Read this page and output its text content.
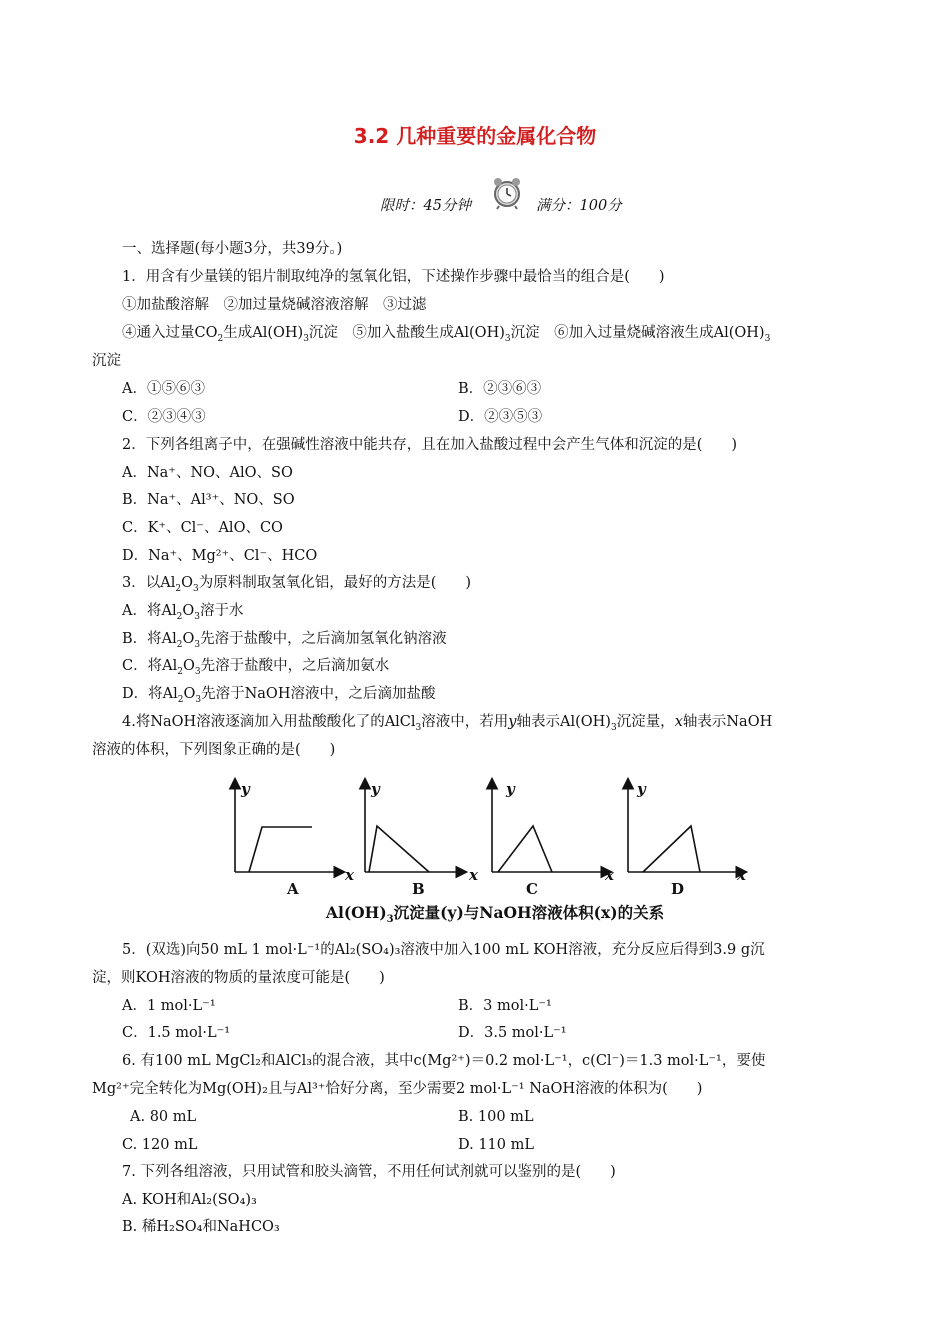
3.2 几种重要的金属化合物
限时：45分钟	满分：100分
一、选择题(每小题3分，共39分。)
1．用含有少量镁的铝片制取纯净的氢氧化铝，下述操作步骤中最恰当的组合是(　　)
①加盐酸溶解　②加过量烧碱溶液溶解　③过滤
④通入过量$CO_2$生成$Al(OH)_3$沉淀　⑤加入盐酸生成$Al(OH)_3$沉淀　⑥加入过量烧碱溶液生成$Al(OH)_3$
沉淀
A．①⑤⑥③	B．②③⑥③
C．②③④③	D．②③⑤③
2．下列各组离子中，在强碱性溶液中能共存，且在加入盐酸过程中会产生气体和沉淀的是(　　)
A．Na⁺、NO、AlO、SO
B．Na⁺、Al³⁺、NO、SO
C．K⁺、Cl⁻、AlO、CO
D．Na⁺、Mg²⁺、Cl⁻、HCO
3．以$Al_2O_3$为原料制取氢氧化铝，最好的方法是(　　)
A．将$Al_2O_3$溶于水
B．将$Al_2O_3$先溶于盐酸中，之后滴加氢氧化钠溶液
C．将$Al_2O_3$先溶于盐酸中，之后滴加氨水
D．将$Al_2O_3$先溶于NaOH溶液中，之后滴加盐酸
4.将NaOH溶液逐滴加入用盐酸酸化了的AlCl$_3$溶液中，若用y轴表示$Al(OH)_3$沉淀量，x轴表示NaOH
溶液的体积，下列图象正确的是(　　)
y
x
A
y
x
B
y
x
C
y
x
D
$Al(OH)_3$沉淀量(y)与NaOH溶液体积(x)的关系
5．(双选)向50 mL 1 mol·L⁻¹的Al₂(SO₄)₃溶液中加入100 mL KOH溶液，充分反应后得到3.9 g沉
淀，则KOH溶液的物质的量浓度可能是(　　)
A．1 mol·L⁻¹	B．3 mol·L⁻¹
C．1.5 mol·L⁻¹	D．3.5 mol·L⁻¹
6. 有100 mL MgCl₂和AlCl₃的混合液，其中c(Mg²⁺)＝0.2 mol·L⁻¹，c(Cl⁻)＝1.3 mol·L⁻¹，要使
Mg²⁺完全转化为Mg(OH)₂且与Al³⁺恰好分离，至少需要2 mol·L⁻¹ NaOH溶液的体积为(　　)
A. 80 mL	B. 100 mL
C. 120 mL	D. 110 mL
7. 下列各组溶液，只用试管和胶头滴管，不用任何试剂就可以鉴别的是(　　)
A. KOH和Al₂(SO₄)₃
B. 稀H₂SO₄和NaHCO₃
